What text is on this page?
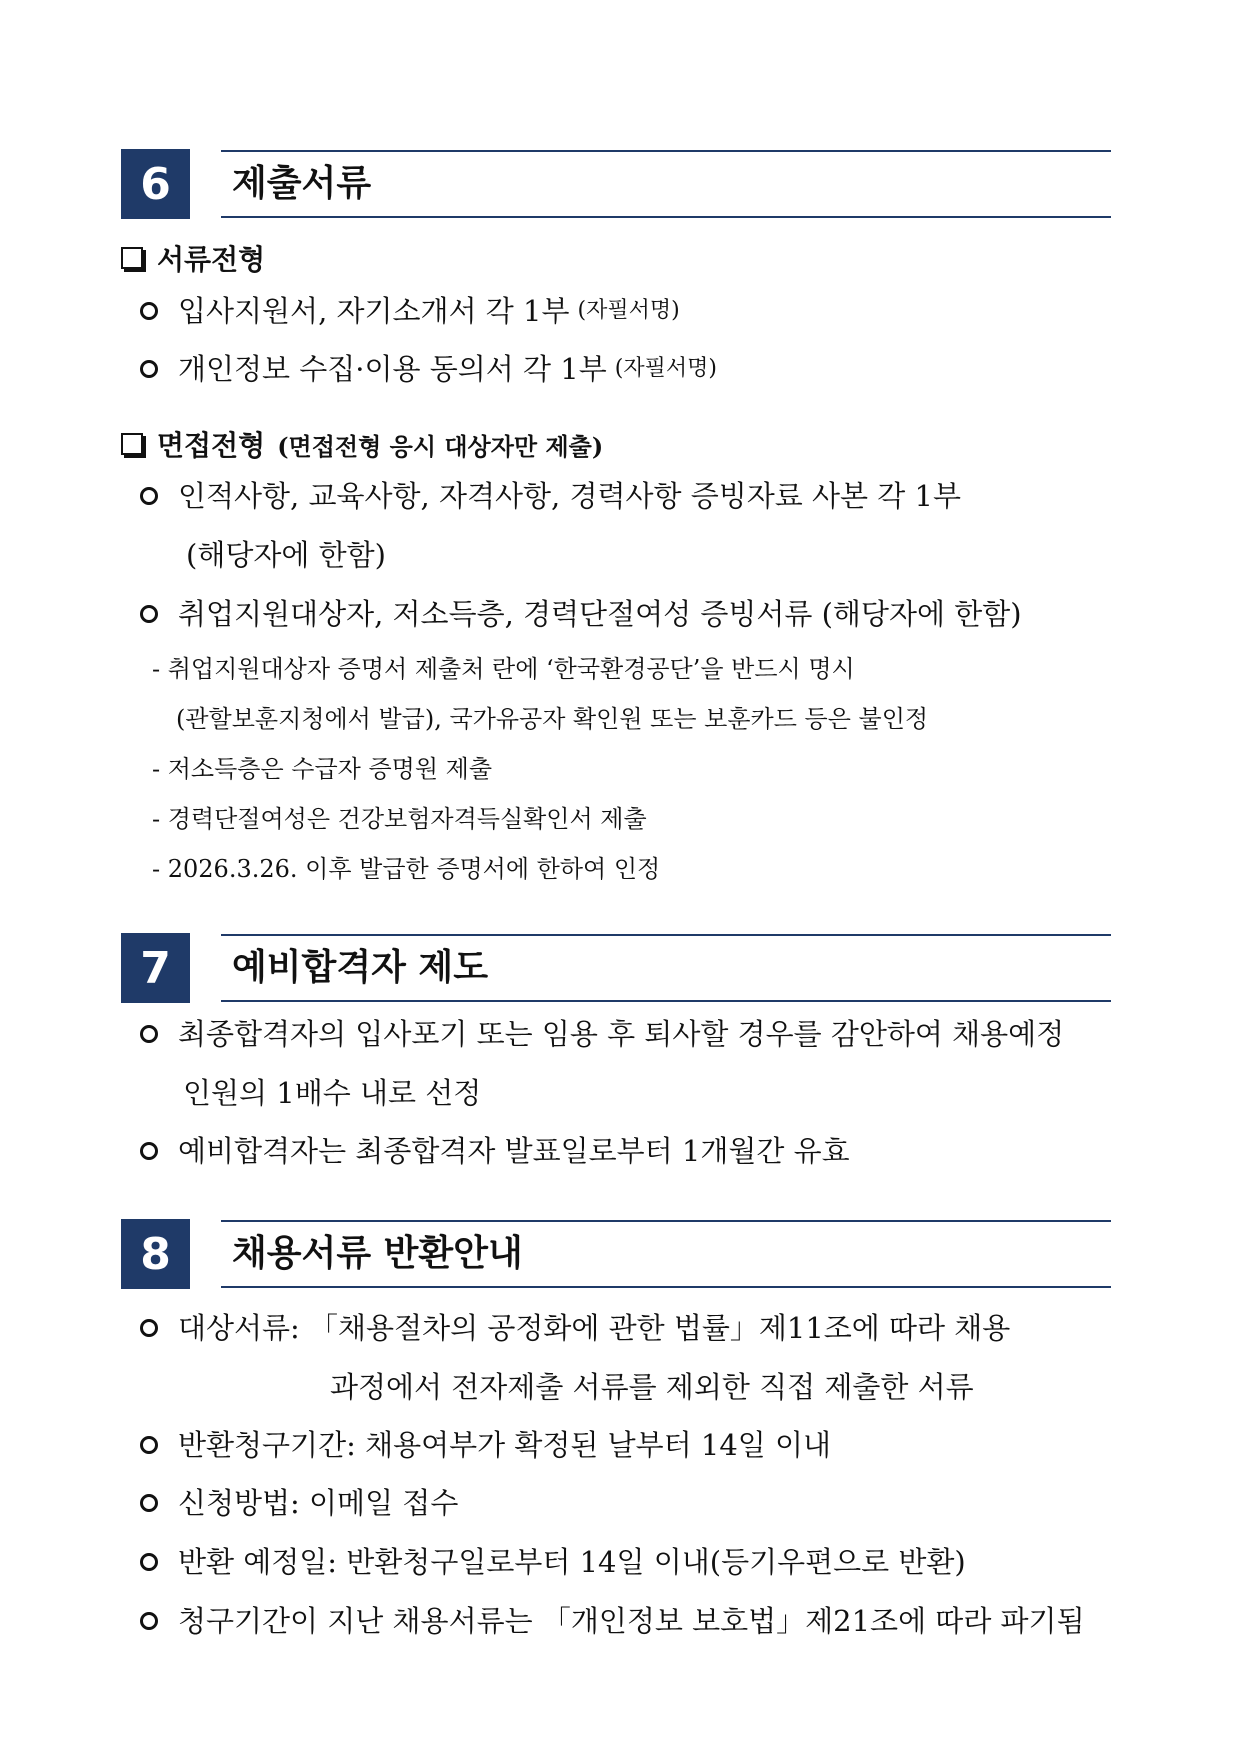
6	제출서류
서류전형
입사지원서, 자기소개서 각 1부 (자필서명)
개인정보 수집·이용 동의서 각 1부 (자필서명)
면접전형 (면접전형 응시 대상자만 제출)
인적사항, 교육사항, 자격사항, 경력사항 증빙자료 사본 각 1부
(해당자에 한함)
취업지원대상자, 저소득층, 경력단절여성 증빙서류 (해당자에 한함)
- 취업지원대상자 증명서 제출처 란에 ‘한국환경공단’을 반드시 명시
(관할보훈지청에서 발급), 국가유공자 확인원 또는 보훈카드 등은 불인정
- 저소득층은 수급자 증명원 제출
- 경력단절여성은 건강보험자격득실확인서 제출
- 2026.3.26. 이후 발급한 증명서에 한하여 인정
7	예비합격자 제도
최종합격자의 입사포기 또는 임용 후 퇴사할 경우를 감안하여 채용예정
인원의 1배수 내로 선정
예비합격자는 최종합격자 발표일로부터 1개월간 유효
8	채용서류 반환안내
대상서류: 「채용절차의 공정화에 관한 법률」제11조에 따라 채용
과정에서 전자제출 서류를 제외한 직접 제출한 서류
반환청구기간: 채용여부가 확정된 날부터 14일 이내
신청방법: 이메일 접수
반환 예정일: 반환청구일로부터 14일 이내(등기우편으로 반환)
청구기간이 지난 채용서류는 「개인정보 보호법」제21조에 따라 파기됨
